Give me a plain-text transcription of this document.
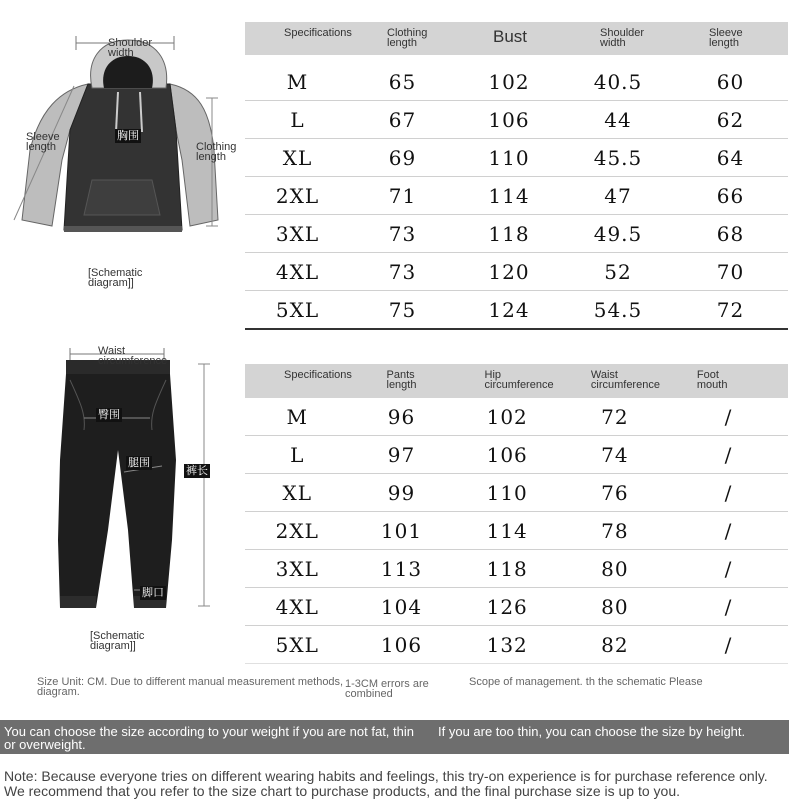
Shoulder width
Sleeve length
胸围
Clothing length
[Schematic diagram]]
Specifications	Clothing length	Bust	Shoulder width	Sleeve length

M	65	102	40.5	60
L	67	106	44	62
XL	69	110	45.5	64
2XL	71	114	47	66
3XL	73	118	49.5	68
4XL	73	120	52	70
5XL	75	124	54.5	72
Waist circumference
臀围
腿围
裤长
脚口
[Schematic diagram]]
Specifications	Pants length	Hip circumference	Waist circumference	Foot mouth

M	96	102	72	/
L	97	106	74	/
XL	99	110	76	/
2XL	101	114	78	/
3XL	113	118	80	/
4XL	104	126	80	/
5XL	106	132	82	/
Size Unit: CM. Due to different manual measurement methods, diagram.
1-3CM errors are combined
Scope of management. th the schematic Please
You can choose the size according to your weight if you are not fat, thin or overweight.
If you are too thin, you can choose the size by height.
Note: Because everyone tries on different wearing habits and feelings, this try-on experience is for purchase reference only. We recommend that you refer to the size chart to purchase products, and the final purchase size is up to you.
